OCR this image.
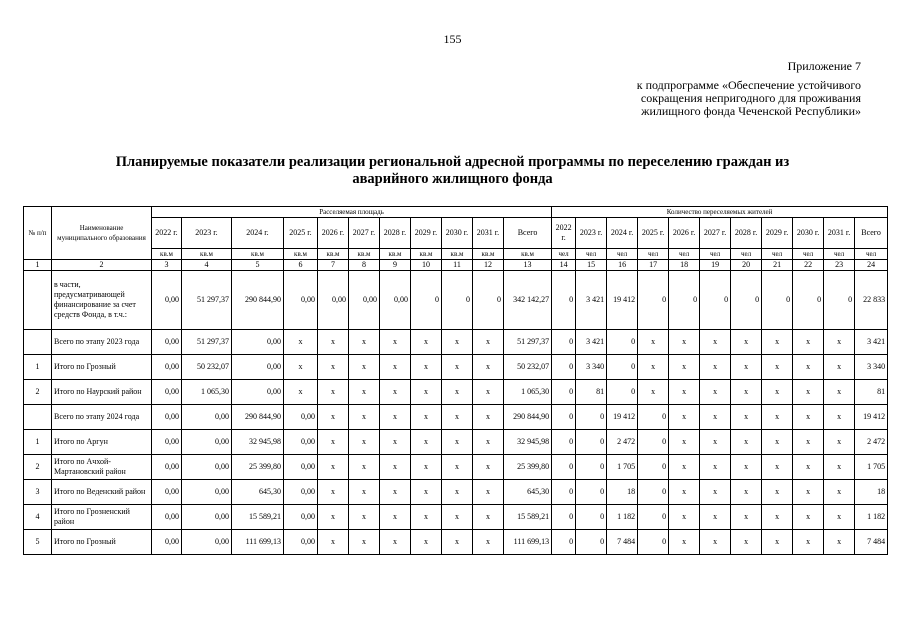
155
Приложение 7
к подпрограмме «Обеспечение устойчивого
сокращения непригодного для проживания
жилищного фонда Чеченской Республики»
Планируемые показатели реализации региональной адресной программы по переселению граждан из
аварийного жилищного фонда
№ п/п	Наименование муниципального образования	Расселяемая площадь											Количество переселяемых жителей										
		2022 г.	2023 г.	2024 г.	2025 г.	2026 г.	2027 г.	2028 г.	2029 г.	2030 г.	2031 г.	Всего	2022 г.	2023 г.	2024 г.	2025 г.	2026 г.	2027 г.	2028 г.	2029 г.	2030 г.	2031 г.	Всего
		кв.м	кв.м	кв.м	кв.м	кв.м	кв.м	кв.м	кв.м	кв.м	кв.м	кв.м	чел	чел	чел	чел	чел	чел	чел	чел	чел	чел	чел
1	2	3	4	5	6	7	8	9	10	11	12	13	14	15	16	17	18	19	20	21	22	23	24
	в части, предусматривающей финансирование за счет средств Фонда, в т.ч.:	0,00	51 297,37	290 844,90	0,00	0,00	0,00	0,00	0	0	0	342 142,27	0	3 421	19 412	0	0	0	0	0	0	0	22 833
	Всего по этапу 2023 года	0,00	51 297,37	0,00	x	x	x	x	x	x	x	51 297,37	0	3 421	0	x	x	x	x	x	x	x	3 421
1	Итого по Грозный	0,00	50 232,07	0,00	x	x	x	x	x	x	x	50 232,07	0	3 340	0	x	x	x	x	x	x	x	3 340
2	Итого по Наурский район	0,00	1 065,30	0,00	x	x	x	x	x	x	x	1 065,30	0	81	0	x	x	x	x	x	x	x	81
	Всего по этапу 2024 года	0,00	0,00	290 844,90	0,00	x	x	x	x	x	x	290 844,90	0	0	19 412	0	x	x	x	x	x	x	19 412
1	Итого по Аргун	0,00	0,00	32 945,98	0,00	x	x	x	x	x	x	32 945,98	0	0	2 472	0	x	x	x	x	x	x	2 472
2	Итого по Ачхой-Мартановский район	0,00	0,00	25 399,80	0,00	x	x	x	x	x	x	25 399,80	0	0	1 705	0	x	x	x	x	x	x	1 705
3	Итого по Веденский район	0,00	0,00	645,30	0,00	x	x	x	x	x	x	645,30	0	0	18	0	x	x	x	x	x	x	18
4	Итого по Грозненский район	0,00	0,00	15 589,21	0,00	x	x	x	x	x	x	15 589,21	0	0	1 182	0	x	x	x	x	x	x	1 182
5	Итого по Грозный	0,00	0,00	111 699,13	0,00	x	x	x	x	x	x	111 699,13	0	0	7 484	0	x	x	x	x	x	x	7 484
